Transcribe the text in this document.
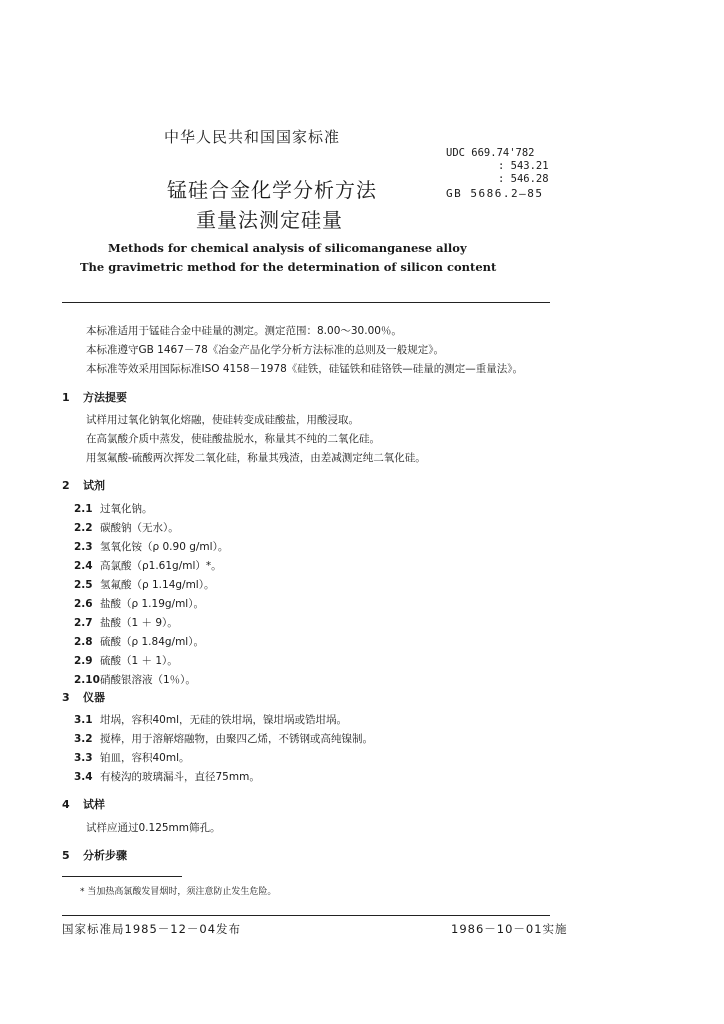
中华人民共和国国家标准
UDC 669.74'782
: 543.21
: 546.28
GB 5686.2—85
锰硅合金化学分析方法
重量法测定硅量
Methods for chemical analysis of silicomanganese alloy
The gravimetric method for the determination of silicon content
本标准适用于锰硅合金中硅量的测定。测定范围：8.00～30.00％。
本标准遵守GB 1467－78《冶金产品化学分析方法标准的总则及一般规定》。
本标准等效采用国际标准ISO 4158－1978《硅铁，硅锰铁和硅铬铁—硅量的测定—重量法》。
1 方法提要
试样用过氧化钠氧化熔融，使硅转变成硅酸盐，用酸浸取。
在高氯酸介质中蒸发，使硅酸盐脱水，称量其不纯的二氧化硅。
用氢氟酸-硫酸两次挥发二氧化硅，称量其残渣，由差减测定纯二氧化硅。
2 试剂
2.1 过氧化钠。
2.2 碳酸钠（无水）。
2.3 氢氧化铵（ρ 0.90 g/ml）。
2.4 高氯酸（ρ1.61g/ml）*。
2.5 氢氟酸（ρ 1.14g/ml）。
2.6 盐酸（ρ 1.19g/ml）。
2.7 盐酸（1 ＋ 9）。
2.8 硫酸（ρ 1.84g/ml）。
2.9 硫酸（1 ＋ 1）。
2.10硝酸银溶液（1％）。
3 仪器
3.1 坩埚，容积40ml，无硅的铁坩埚，镍坩埚或锆坩埚。
3.2 搅棒，用于溶解熔融物，由聚四乙烯，不锈钢或高纯镍制。
3.3 铂皿，容积40ml。
3.4 有棱沟的玻璃漏斗，直径75mm。
4 试样
试样应通过0.125mm筛孔。
5 分析步骤
* 当加热高氯酸发冒烟时，须注意防止发生危险。
国家标准局1985－12－04发布	1986－10－01实施
